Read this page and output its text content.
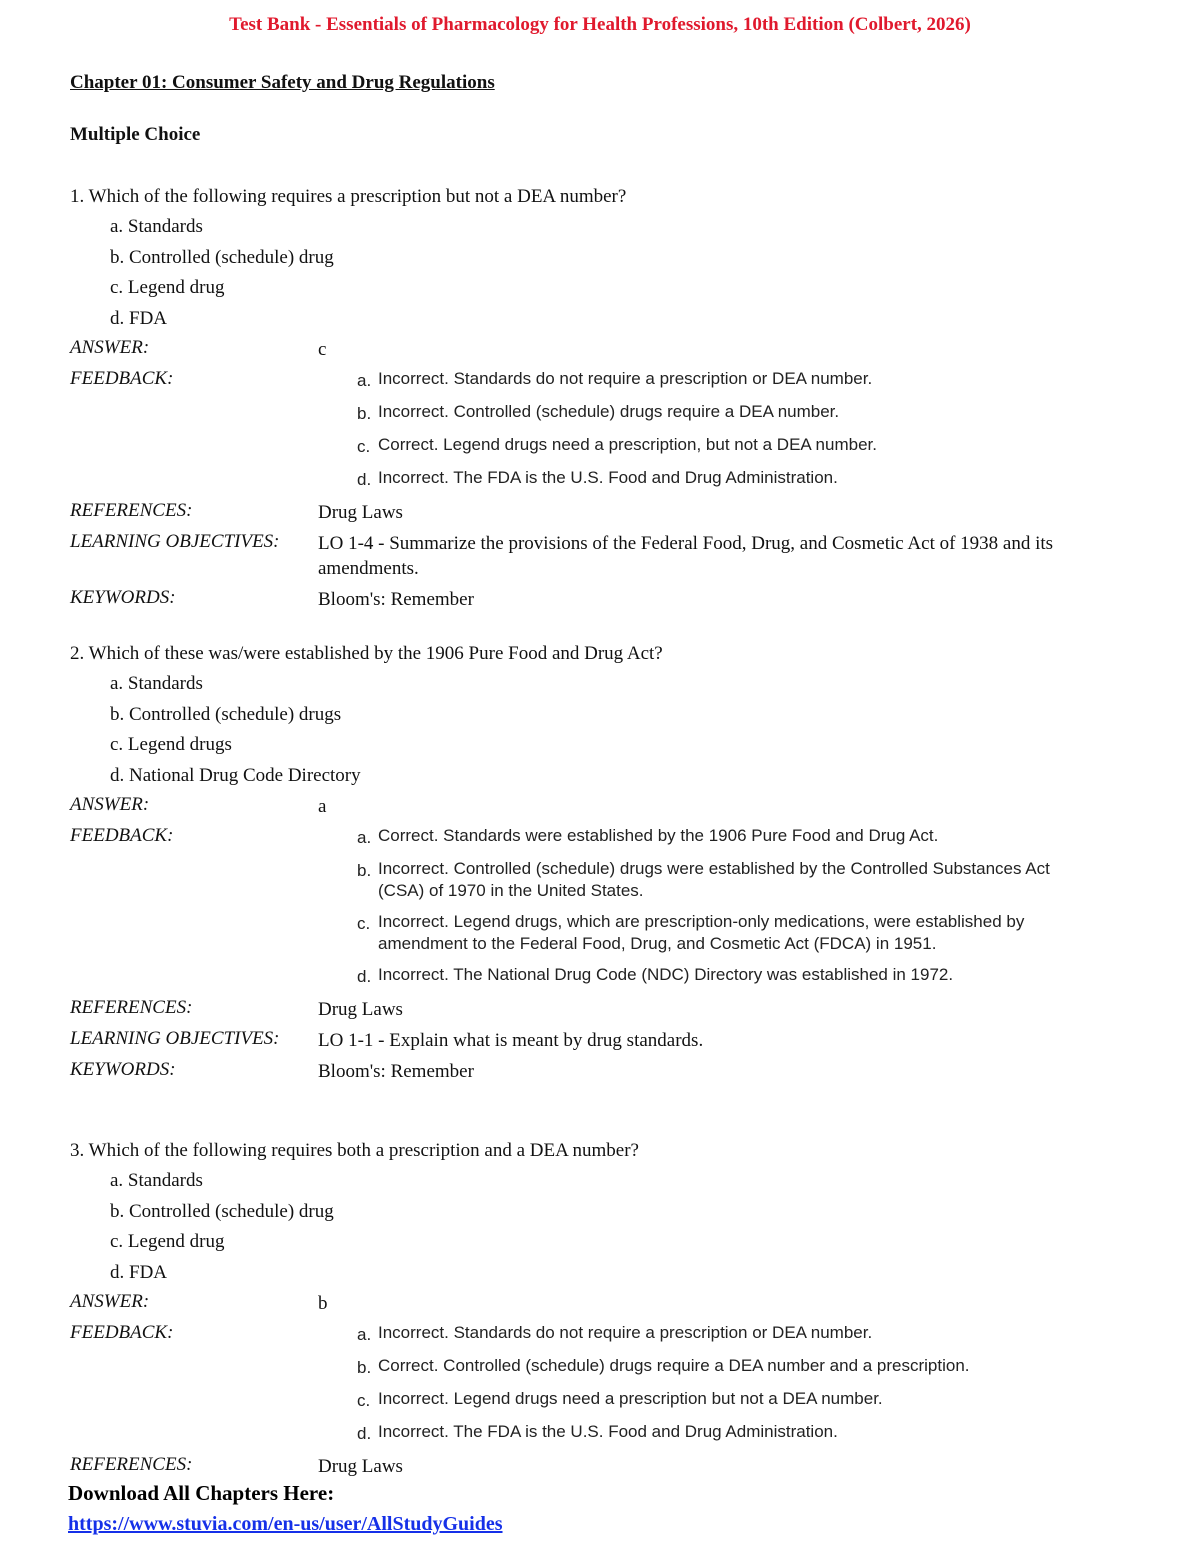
Test Bank - Essentials of Pharmacology for Health Professions, 10th Edition (Colbert, 2026)
Chapter 01: Consumer Safety and Drug Regulations
Multiple Choice
1. Which of the following requires a prescription but not a DEA number?
a. Standards
b. Controlled (schedule) drug
c. Legend drug
d. FDA
ANSWER:	c
FEEDBACK:	a. Incorrect. Standards do not require a prescription or DEA number.
b. Incorrect. Controlled (schedule) drugs require a DEA number.
c. Correct. Legend drugs need a prescription, but not a DEA number.
d. Incorrect. The FDA is the U.S. Food and Drug Administration.
REFERENCES:	Drug Laws
LEARNING OBJECTIVES: LO 1-4 - Summarize the provisions of the Federal Food, Drug, and Cosmetic Act of 1938 and its amendments.
KEYWORDS:	Bloom's: Remember
2. Which of these was/were established by the 1906 Pure Food and Drug Act?
a. Standards
b. Controlled (schedule) drugs
c. Legend drugs
d. National Drug Code Directory
ANSWER:	a
FEEDBACK:	a. Correct. Standards were established by the 1906 Pure Food and Drug Act.
b. Incorrect. Controlled (schedule) drugs were established by the Controlled Substances Act (CSA) of 1970 in the United States.
c. Incorrect. Legend drugs, which are prescription-only medications, were established by amendment to the Federal Food, Drug, and Cosmetic Act (FDCA) in 1951.
d. Incorrect. The National Drug Code (NDC) Directory was established in 1972.
REFERENCES:	Drug Laws
LEARNING OBJECTIVES: LO 1-1 - Explain what is meant by drug standards.
KEYWORDS:	Bloom's: Remember
3. Which of the following requires both a prescription and a DEA number?
a. Standards
b. Controlled (schedule) drug
c. Legend drug
d. FDA
ANSWER:	b
FEEDBACK:	a. Incorrect. Standards do not require a prescription or DEA number.
b. Correct. Controlled (schedule) drugs require a DEA number and a prescription.
c. Incorrect. Legend drugs need a prescription but not a DEA number.
d. Incorrect. The FDA is the U.S. Food and Drug Administration.
REFERENCES:	Drug Laws
Download All Chapters Here:
https://www.stuvia.com/en-us/user/AllStudyGuides
